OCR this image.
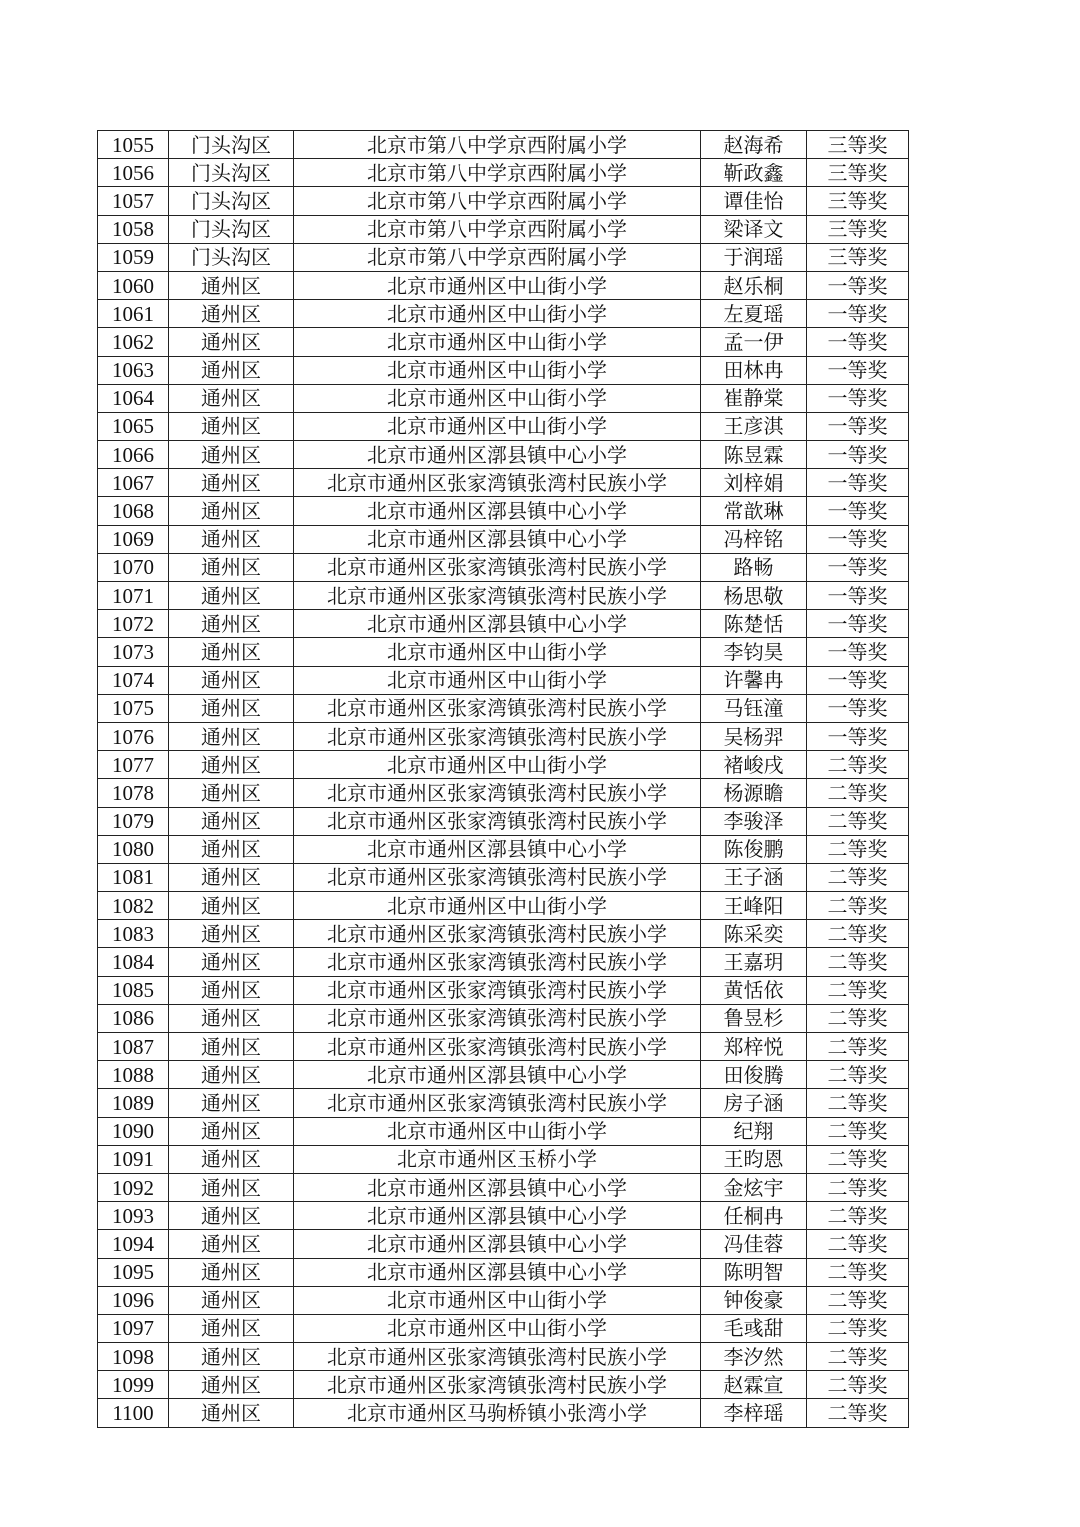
1055	门头沟区	北京市第八中学京西附属小学	赵海希	三等奖
1056	门头沟区	北京市第八中学京西附属小学	靳政鑫	三等奖
1057	门头沟区	北京市第八中学京西附属小学	谭佳怡	三等奖
1058	门头沟区	北京市第八中学京西附属小学	梁译文	三等奖
1059	门头沟区	北京市第八中学京西附属小学	于润瑶	三等奖
1060	通州区	北京市通州区中山街小学	赵乐桐	一等奖
1061	通州区	北京市通州区中山街小学	左夏瑶	一等奖
1062	通州区	北京市通州区中山街小学	孟一伊	一等奖
1063	通州区	北京市通州区中山街小学	田林冉	一等奖
1064	通州区	北京市通州区中山街小学	崔静棠	一等奖
1065	通州区	北京市通州区中山街小学	王彦淇	一等奖
1066	通州区	北京市通州区漷县镇中心小学	陈昱霖	一等奖
1067	通州区	北京市通州区张家湾镇张湾村民族小学	刘梓娟	一等奖
1068	通州区	北京市通州区漷县镇中心小学	常歆琳	一等奖
1069	通州区	北京市通州区漷县镇中心小学	冯梓铭	一等奖
1070	通州区	北京市通州区张家湾镇张湾村民族小学	路畅	一等奖
1071	通州区	北京市通州区张家湾镇张湾村民族小学	杨思敬	一等奖
1072	通州区	北京市通州区漷县镇中心小学	陈楚恬	一等奖
1073	通州区	北京市通州区中山街小学	李钧昊	一等奖
1074	通州区	北京市通州区中山街小学	许馨冉	一等奖
1075	通州区	北京市通州区张家湾镇张湾村民族小学	马钰潼	一等奖
1076	通州区	北京市通州区张家湾镇张湾村民族小学	吴杨羿	一等奖
1077	通州区	北京市通州区中山街小学	褚峻戌	二等奖
1078	通州区	北京市通州区张家湾镇张湾村民族小学	杨源瞻	二等奖
1079	通州区	北京市通州区张家湾镇张湾村民族小学	李骏泽	二等奖
1080	通州区	北京市通州区漷县镇中心小学	陈俊鹏	二等奖
1081	通州区	北京市通州区张家湾镇张湾村民族小学	王子涵	二等奖
1082	通州区	北京市通州区中山街小学	王峰阳	二等奖
1083	通州区	北京市通州区张家湾镇张湾村民族小学	陈采奕	二等奖
1084	通州区	北京市通州区张家湾镇张湾村民族小学	王嘉玥	二等奖
1085	通州区	北京市通州区张家湾镇张湾村民族小学	黄恬依	二等奖
1086	通州区	北京市通州区张家湾镇张湾村民族小学	鲁昱杉	二等奖
1087	通州区	北京市通州区张家湾镇张湾村民族小学	郑梓悦	二等奖
1088	通州区	北京市通州区漷县镇中心小学	田俊腾	二等奖
1089	通州区	北京市通州区张家湾镇张湾村民族小学	房子涵	二等奖
1090	通州区	北京市通州区中山街小学	纪翔	二等奖
1091	通州区	北京市通州区玉桥小学	王昀恩	二等奖
1092	通州区	北京市通州区漷县镇中心小学	金炫宇	二等奖
1093	通州区	北京市通州区漷县镇中心小学	任桐冉	二等奖
1094	通州区	北京市通州区漷县镇中心小学	冯佳蓉	二等奖
1095	通州区	北京市通州区漷县镇中心小学	陈明智	二等奖
1096	通州区	北京市通州区中山街小学	钟俊豪	二等奖
1097	通州区	北京市通州区中山街小学	毛彧甜	二等奖
1098	通州区	北京市通州区张家湾镇张湾村民族小学	李汐然	二等奖
1099	通州区	北京市通州区张家湾镇张湾村民族小学	赵霖宣	二等奖
1100	通州区	北京市通州区马驹桥镇小张湾小学	李梓瑶	二等奖
